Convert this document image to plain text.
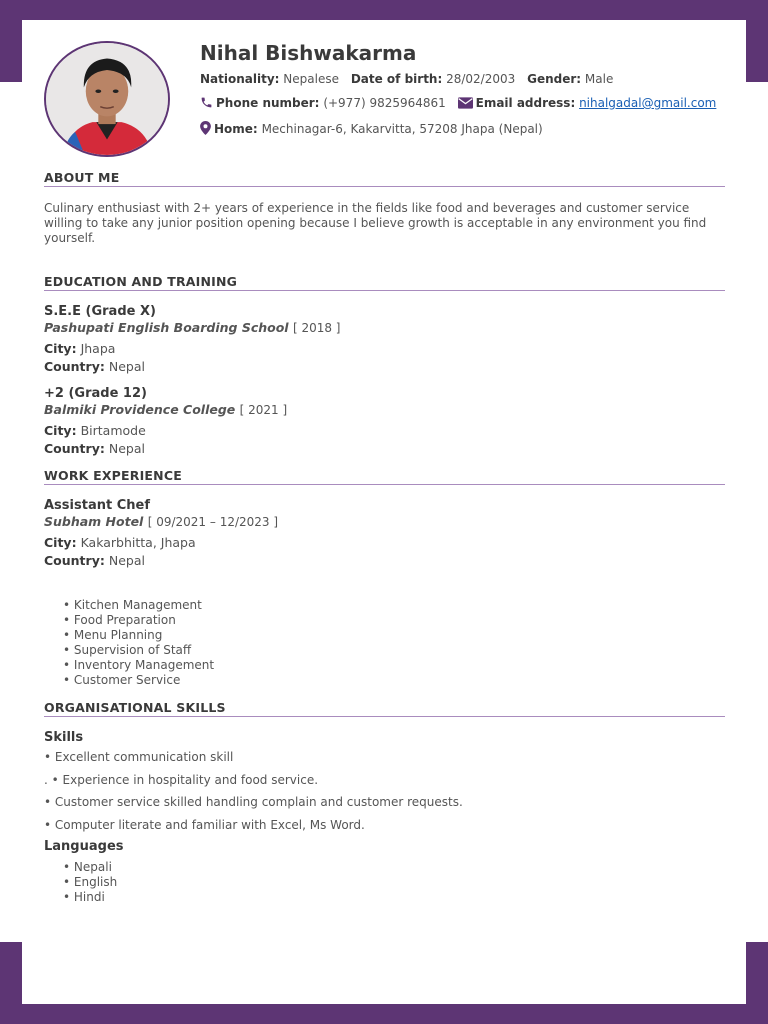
Nihal Bishwakarma
Nationality: Nepalese Date of birth: 28/02/2003 Gender: Male
Phone number: (+977) 9825964861 Email address: nihalgadal@gmail.com
Home: Mechinagar-6, Kakarvitta, 57208 Jhapa (Nepal)
ABOUT ME
Culinary enthusiast with 2+ years of experience in the fields like food and beverages and customer service willing to take any junior position opening because I believe growth is acceptable in any environment you find yourself.
EDUCATION AND TRAINING
S.E.E (Grade X)
Pashupati English Boarding School [ 2018 ]
City: Jhapa
Country: Nepal
+2 (Grade 12)
Balmiki Providence College [ 2021 ]
City: Birtamode
Country: Nepal
WORK EXPERIENCE
Assistant Chef
Subham Hotel [ 09/2021 – 12/2023 ]
City: Kakarbhitta, Jhapa
Country: Nepal
• Kitchen Management
• Food Preparation
• Menu Planning
• Supervision of Staff
• Inventory Management
• Customer Service
ORGANISATIONAL SKILLS
Skills
• Excellent communication skill
. • Experience in hospitality and food service.
• Customer service skilled handling complain and customer requests.
• Computer literate and familiar with Excel, Ms Word.
Languages
• Nepali
• English
• Hindi
